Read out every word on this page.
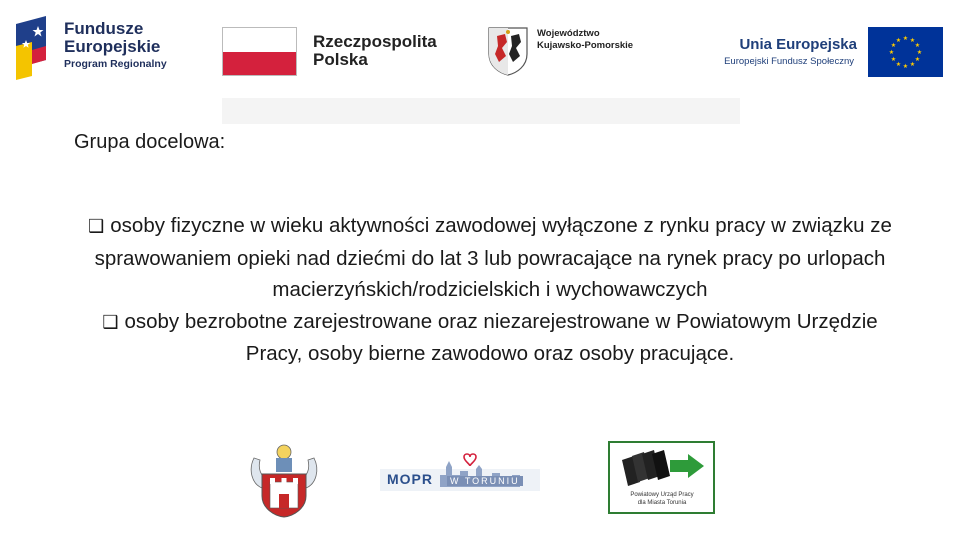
Fundusze
Europejskie
Program Regionalny
Rzeczpospolita
Polska
Województwo
Kujawsko-Pomorskie	Unia Europejska
Europejski Fundusz Społeczny
★ ★
★
★
★
★
★
★
★
★
★
★
Grupa docelowa:
❑ osoby fizyczne w wieku aktywności zawodowej wyłączone z rynku pracy w związku ze sprawowaniem opieki nad dziećmi do lat 3 lub powracające na rynek pracy po urlopach macierzyńskich/rodzicielskich i wychowawczych
❑ osoby bezrobotne zarejestrowane oraz niezarejestrowane w Powiatowym Urzędzie Pracy, osoby bierne zawodowo oraz osoby pracujące.
MOPR	W TORUNIU
Powiatowy Urząd Pracy
dla Miasta Torunia
